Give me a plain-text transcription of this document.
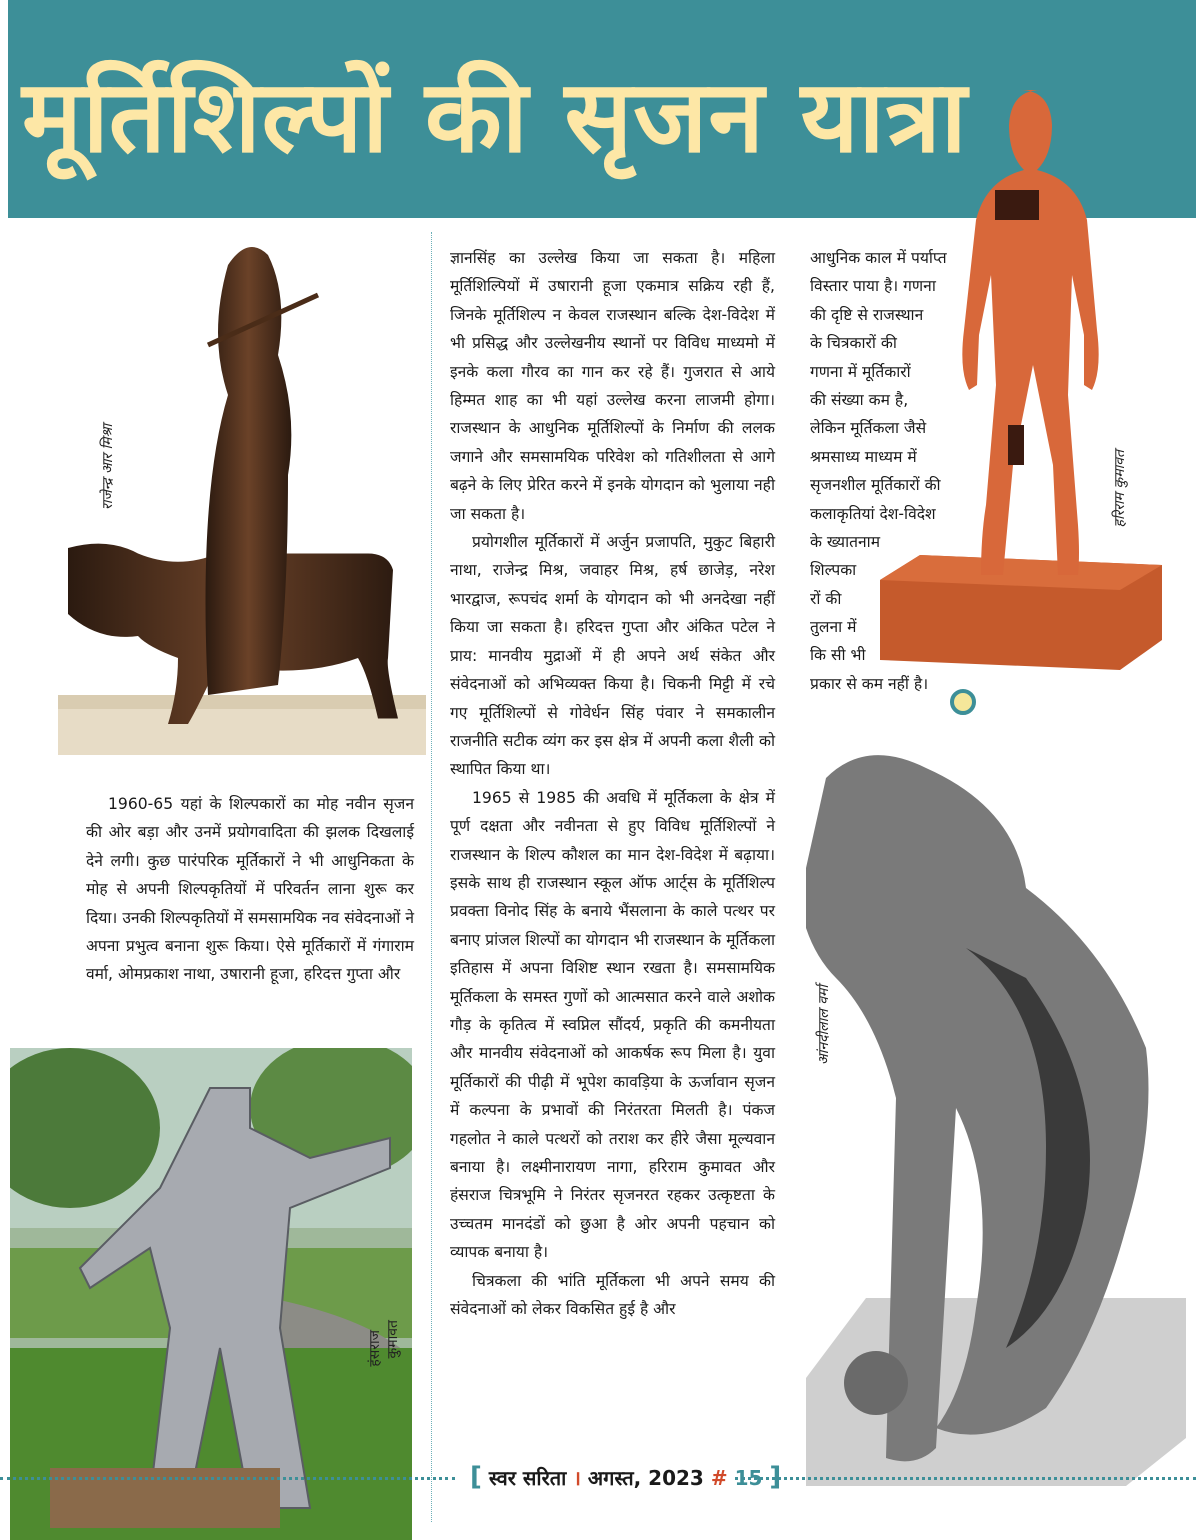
मूर्तिशिल्पों की सृजन यात्रा
राजेन्द्र आर मिश्रा	हरिराम कुमावत
हंसराज कुमावत
आंनदीलाल वर्मा

1960-65 यहां के शिल्पकारों का मोह नवीन सृजन की ओर बड़ा और उनमें प्रयोगवादिता की झलक दिखलाई देने लगी। कुछ पारंपरिक मूर्तिकारों ने भी आधुनिकता के मोह से अपनी शिल्पकृतियों में परिवर्तन लाना शुरू कर दिया। उनकी शिल्पकृतियों में समसामयिक नव संवेदनाओं ने अपना प्रभुत्व बनाना शुरू किया। ऐसे मूर्तिकारों में गंगाराम वर्मा, ओमप्रकाश नाथा, उषारानी हूजा, हरिदत्त गुप्ता और

ज्ञानसिंह का उल्लेख किया जा सकता है। महिला मूर्तिशिल्पियों में उषारानी हूजा एकमात्र सक्रिय रही हैं, जिनके मूर्तिशिल्प न केवल राजस्थान बल्कि देश-विदेश में भी प्रसिद्ध और उल्लेखनीय स्थानों पर विविध माध्यमो में इनके कला गौरव का गान कर रहे हैं। गुजरात से आये हिम्मत शाह का भी यहां उल्लेख करना लाजमी होगा।राजस्थान के आधुनिक मूर्तिशिल्पों के निर्माण की ललक जगाने और समसामयिक परिवेश को गतिशीलता से आगे बढ़ने के लिए प्रेरित करने में इनके योगदान को भुलाया नही जा सकता है।

प्रयोगशील मूर्तिकारों में अर्जुन प्रजापति, मुकुट बिहारी नाथा, राजेन्द्र मिश्र, जवाहर मिश्र, हर्ष छाजेड़, नरेश भारद्वाज, रूपचंद शर्मा के योगदान को भी अनदेखा नहीं किया जा सकता है। हरिदत्त गुप्ता और अंकित पटेल ने प्राय: मानवीय मुद्राओं में ही अपने अर्थ संकेत और संवेदनाओं को अभिव्यक्त किया है। चिकनी मिट्टी में रचे गए मूर्तिशिल्पों से गोवेर्धन सिंह पंवार ने समकालीन राजनीति सटीक व्यंग कर इस क्षेत्र में अपनी कला शैली को स्थापित किया था।

1965 से 1985 की अवधि में मूर्तिकला के क्षेत्र में पूर्ण दक्षता और नवीनता से हुए विविध मूर्तिशिल्पों ने राजस्थान के शिल्प कौशल का मान देश-विदेश में बढ़ाया। इसके साथ ही राजस्थान स्कूल ऑफ आर्ट्स के मूर्तिशिल्प प्रवक्ता विनोद सिंह के बनाये भैंसलाना के काले पत्थर पर बनाए प्रांजल शिल्पों का योगदान भी राजस्थान के मूर्तिकला इतिहास में अपना विशिष्ट स्थान रखता है। समसामयिक मूर्तिकला के समस्त गुणों को आत्मसात करने वाले अशोक गौड़ के कृतित्व में स्वप्निल सौंदर्य, प्रकृति की कमनीयता और मानवीय संवेदनाओं को आकर्षक रूप मिला है। युवा मूर्तिकारों की पीढ़ी में भूपेश कावड़िया के ऊर्जावान सृजन में कल्पना के प्रभावों की निरंतरता मिलती है। पंकज गहलोत ने काले पत्थरों को तराश कर हीरे जैसा मूल्यवान बनाया है। लक्ष्मीनारायण नागा, हरिराम कुमावत और हंसराज चित्रभूमि ने निरंतर सृजनरत रहकर उत्कृष्टता के उच्चतम मानदंडों को छुआ है ओर अपनी पहचान को व्यापक बनाया है।

चित्रकला की भांति मूर्तिकला भी अपने समय की संवेदनाओं को लेकर विकसित हुई है और

आधुनिक काल में पर्याप्त
विस्तार पाया है। गणना
की दृष्टि से राजस्थान
के चित्रकारों की
गणना में मूर्तिकारों
की संख्या कम है,
लेकिन मूर्तिकला जैसे
श्रमसाध्य माध्यम में
सृजनशील मूर्तिकारों की
कलाकृतियां देश-विदेश
के ख्यातनाम
शिल्पका
रों की
तुलना में
कि सी भी
प्रकार से कम नहीं है।
[ स्वर सरिता । अगस्त, 2023 # 15 ]
